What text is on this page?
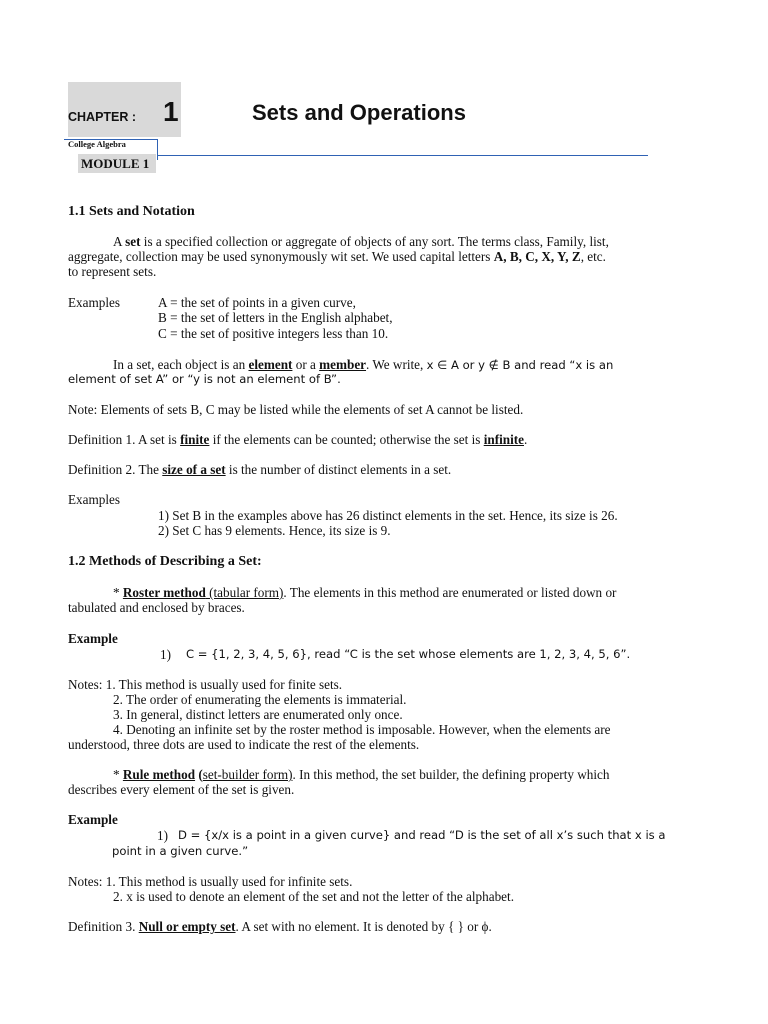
CHAPTER : 1	Sets and Operations
College Algebra
MODULE 1
1.1 Sets and Notation
A set is a specified collection or aggregate of objects of any sort. The terms class, Family, list,
aggregate, collection may be used synonymously wit set. We used capital letters A, B, C, X, Y, Z, etc.
to represent sets.
Examples	A = the set of points in a given curve,
B = the set of letters in the English alphabet,
C = the set of positive integers less than 10.
In a set, each object is an element or a member. We write, x ∈ A or y ∉ B and read “x is an
element of set A” or “y is not an element of B”.
Note: Elements of sets B, C may be listed while the elements of set A cannot be listed.
Definition 1. A set is finite if the elements can be counted; otherwise the set is infinite.
Definition 2. The size of a set is the number of distinct elements in a set.
Examples
1) Set B in the examples above has 26 distinct elements in the set. Hence, its size is 26.
2) Set C has 9 elements. Hence, its size is 9.
1.2 Methods of Describing a Set:
* Roster method (tabular form). The elements in this method are enumerated or listed down or
tabulated and enclosed by braces.
Example
1) C = {1, 2, 3, 4, 5, 6}, read “C is the set whose elements are 1, 2, 3, 4, 5, 6”.
Notes: 1. This method is usually used for finite sets.
2. The order of enumerating the elements is immaterial.
3. In general, distinct letters are enumerated only once.
4. Denoting an infinite set by the roster method is imposable. However, when the elements are
understood, three dots are used to indicate the rest of the elements.
* Rule method (set-builder form). In this method, the set builder, the defining property which
describes every element of the set is given.
Example
1) D = {x/x is a point in a given curve} and read “D is the set of all x’s such that x is a
point in a given curve.”
Notes: 1. This method is usually used for infinite sets.
2. x is used to denote an element of the set and not the letter of the alphabet.
Definition 3. Null or empty set. A set with no element. It is denoted by { } or ϕ.
